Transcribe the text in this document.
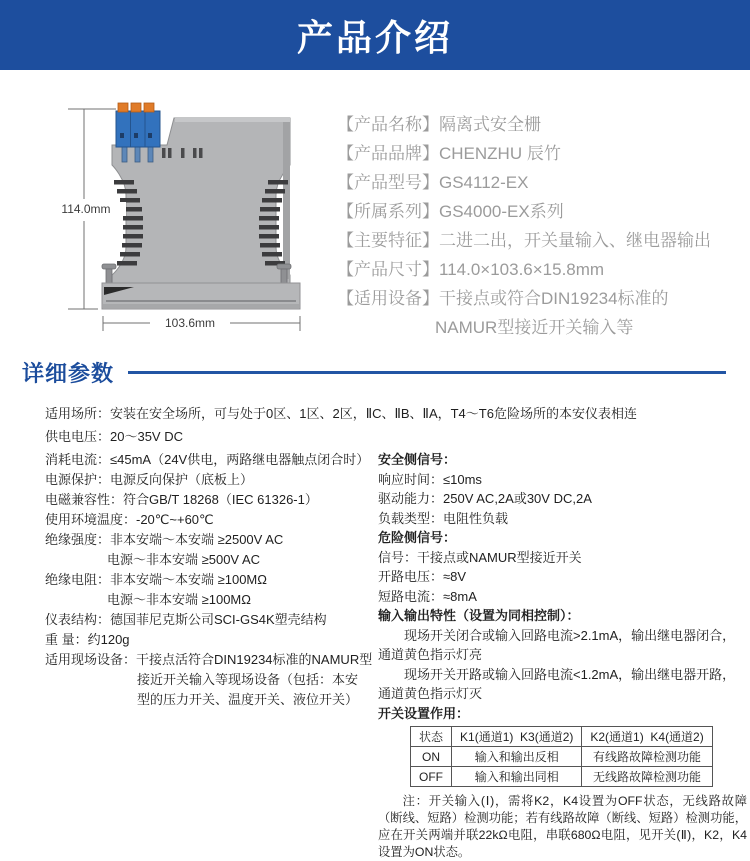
产品介绍
114.0mm
103.6mm
【产品名称】隔离式安全栅
【产品品牌】CHENZHU 辰竹
【产品型号】GS4112-EX
【所属系列】GS4000-EX系列
【主要特征】二进二出，开关量输入、继电器输出
【产品尺寸】114.0×103.6×15.8mm
【适用设备】干接点或符合DIN19234标准的
NAMUR型接近开关输入等
详细参数
适用场所：安装在安全场所，可与处于0区、1区、2区，ⅡC、ⅡB、ⅡA，T4～T6危险场所的本安仪表相连
供电电压：20～35V DC
消耗电流：≤45mA（24V供电，两路继电器触点闭合时）
电源保护：电源反向保护（底板上）
电磁兼容性：符合GB/T 18268（IEC 61326-1）
使用环境温度：-20℃~+60℃
绝缘强度：非本安端～本安端 ≥2500V AC
电源～非本安端 ≥500V AC
绝缘电阻：非本安端～本安端 ≥100MΩ
电源～非本安端 ≥100MΩ
仪表结构：德国菲尼克斯公司SCI-GS4K塑壳结构
重 量：约120g
适用现场设备：干接点活符合DIN19234标准的NAMUR型
接近开关输入等现场设备（包括：本安
型的压力开关、温度开关、液位开关）
安全侧信号：
响应时间：≤10ms
驱动能力：250V AC,2A或30V DC,2A
负载类型：电阻性负载
危险侧信号：
信号：干接点或NAMUR型接近开关
开路电压：≈8V
短路电流：≈8mA
输入输出特性（设置为同相控制）：
现场开关闭合或输入回路电流>2.1mA，输出继电器闭合，
通道黄色指示灯亮
现场开关开路或输入回路电流<1.2mA，输出继电器开路，
通道黄色指示灯灭
开关设置作用：
状态	K1(通道1)  K3(通道2)	K2(通道1)  K4(通道2)
ON	输入和输出反相	有线路故障检测功能
OFF	输入和输出同相	无线路故障检测功能
注：开关输入(Ⅰ)，需将K2，K4设置为OFF状态，无线路故障（断线、短路）检测功能；若有线路故障（断线、短路）检测功能，应在开关两端并联22kΩ电阻，串联680Ω电阻，见开关(Ⅱ)，K2，K4设置为ON状态。
